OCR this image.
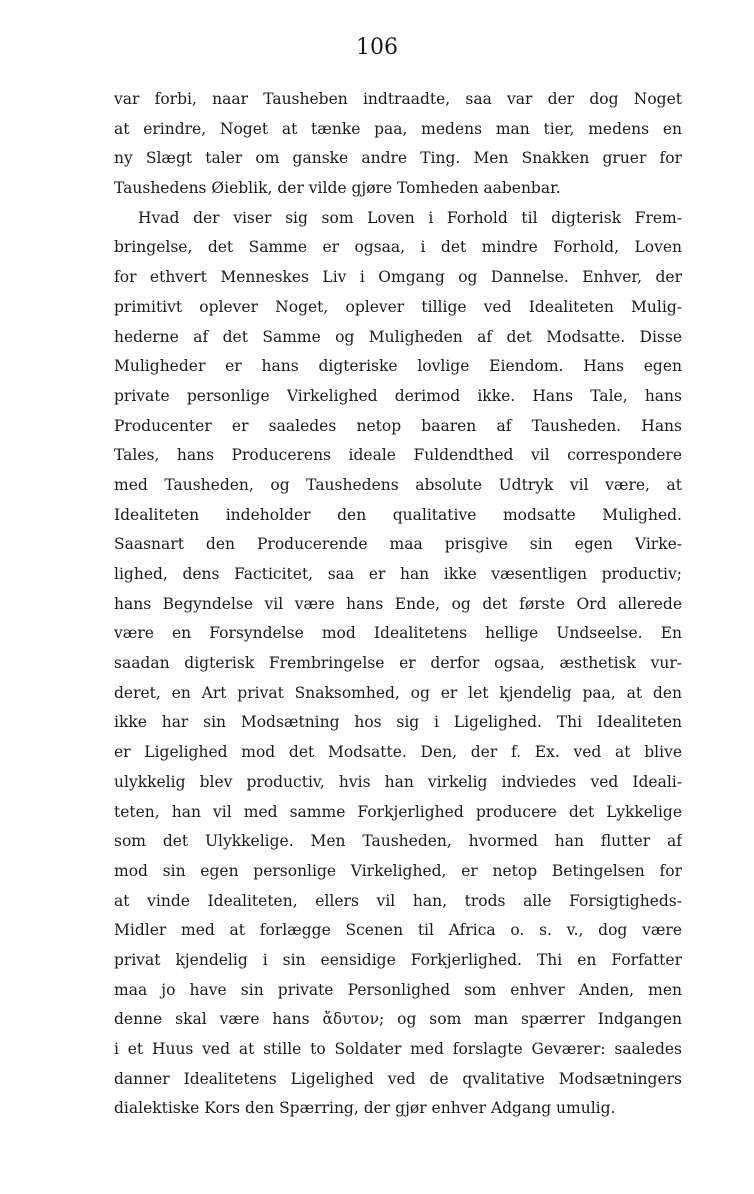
106
var forbi, naar Tausheben indtraadte, saa var der dog Noget
at erindre, Noget at tænke paa, medens man tier, medens en
ny Slægt taler om ganske andre Ting. Men Snakken gruer for
Taushedens Øieblik, der vilde gjøre Tomheden aabenbar.
Hvad der viser sig som Loven i Forhold til digterisk Frem-
bringelse, det Samme er ogsaa, i det mindre Forhold, Loven
for ethvert Menneskes Liv i Omgang og Dannelse. Enhver, der
primitivt oplever Noget, oplever tillige ved Idealiteten Mulig-
hederne af det Samme og Muligheden af det Modsatte. Disse
Muligheder er hans digteriske lovlige Eiendom. Hans egen
private personlige Virkelighed derimod ikke. Hans Tale, hans
Producenter er saaledes netop baaren af Tausheden. Hans
Tales, hans Producerens ideale Fuldendthed vil correspondere
med Tausheden, og Taushedens absolute Udtryk vil være, at
Idealiteten indeholder den qualitative modsatte Mulighed.
Saasnart den Producerende maa prisgive sin egen Virke-
lighed, dens Facticitet, saa er han ikke væsentligen productiv;
hans Begyndelse vil være hans Ende, og det første Ord allerede
være en Forsyndelse mod Idealitetens hellige Undseelse. En
saadan digterisk Frembringelse er derfor ogsaa, æsthetisk vur-
deret, en Art privat Snaksomhed, og er let kjendelig paa, at den
ikke har sin Modsætning hos sig i Ligelighed. Thi Idealiteten
er Ligelighed mod det Modsatte. Den, der f. Ex. ved at blive
ulykkelig blev productiv, hvis han virkelig indviedes ved Ideali-
teten, han vil med samme Forkjerlighed producere det Lykkelige
som det Ulykkelige. Men Tausheden, hvormed han flutter af
mod sin egen personlige Virkelighed, er netop Betingelsen for
at vinde Idealiteten, ellers vil han, trods alle Forsigtigheds-
Midler med at forlægge Scenen til Africa o. s. v., dog være
privat kjendelig i sin eensidige Forkjerlighed. Thi en Forfatter
maa jo have sin private Personlighed som enhver Anden, men
denne skal være hans ἄδυτον; og som man spærrer Indgangen
i et Huus ved at stille to Soldater med forslagte Geværer: saaledes
danner Idealitetens Ligelighed ved de qvalitative Modsætningers
dialektiske Kors den Spærring, der gjør enhver Adgang umulig.
